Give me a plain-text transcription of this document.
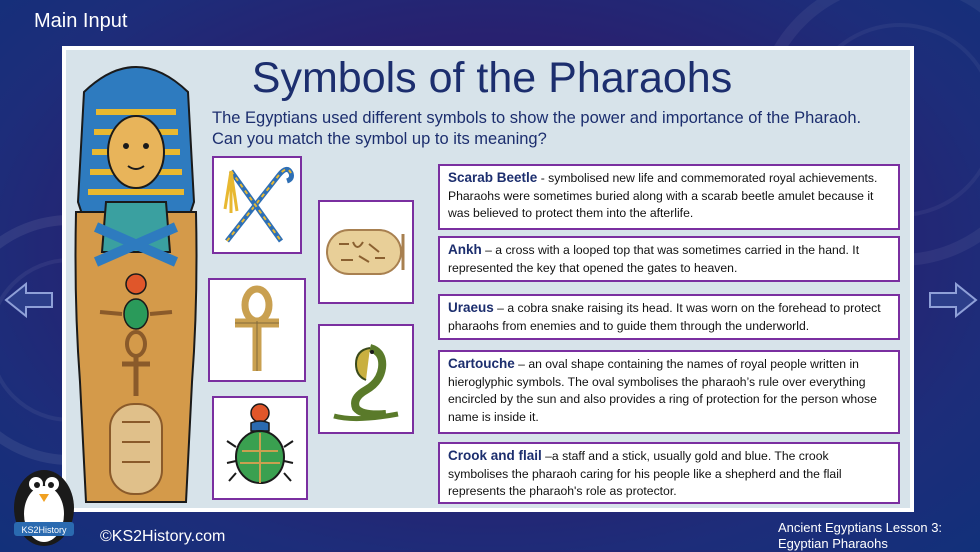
Main Input
Symbols of the Pharaohs
The Egyptians used different symbols to show the power and importance of the Pharaoh. Can you match the symbol up to its meaning?
Scarab Beetle - symbolised new life and commemorated royal achievements. Pharaohs were sometimes buried along with a scarab beetle amulet because it was believed to protect them into the afterlife.
Ankh – a cross with a looped top that was sometimes carried in the hand. It represented the key that opened the gates to heaven.
Uraeus – a cobra snake raising its head. It was worn on the forehead to protect pharaohs from enemies and to guide them through the underworld.
Cartouche – an oval shape containing the names of royal people written in hieroglyphic symbols. The oval symbolises the pharaoh’s rule over everything encircled by the sun and also provides a ring of protection for the person whose name is inside it.
Crook and flail –a staff and a stick, usually gold and blue. The crook symbolises the pharaoh caring for his people like a shepherd and the flail represents the pharaoh's role as protector.
KS2History ©KS2History.com
Ancient Egyptians Lesson 3:
Egyptian Pharaohs
